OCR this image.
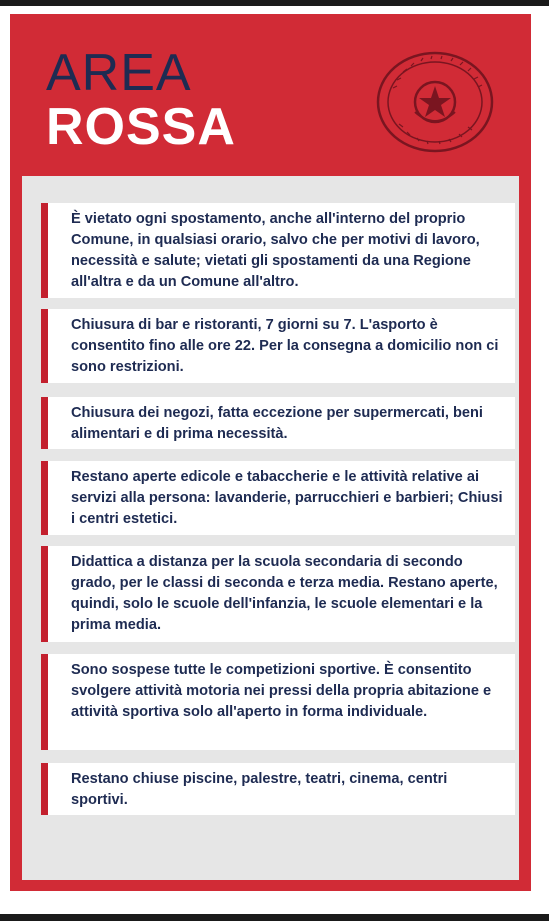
AREA
ROSSA
È vietato ogni spostamento, anche all'interno del proprio Comune, in qualsiasi orario, salvo che per motivi di lavoro, necessità e salute; vietati gli spostamenti da una Regione all'altra e da un Comune all'altro.
Chiusura di bar e ristoranti, 7 giorni su 7. L'asporto è consentito fino alle ore 22. Per la consegna a domicilio non ci sono restrizioni.
Chiusura dei negozi, fatta eccezione per supermercati, beni alimentari e di prima necessità.
Restano aperte edicole e tabaccherie e le attività relative ai servizi alla persona: lavanderie, parrucchieri e barbieri; Chiusi i centri estetici.
Didattica a distanza per la scuola secondaria di secondo grado, per le classi di seconda e terza media. Restano aperte, quindi, solo le scuole dell'infanzia, le scuole elementari e la prima media.
Sono sospese tutte le competizioni sportive. È consentito svolgere attività motoria nei pressi della propria abitazione e attività sportiva solo all'aperto in forma individuale.
Restano chiuse piscine, palestre, teatri, cinema, centri sportivi.
